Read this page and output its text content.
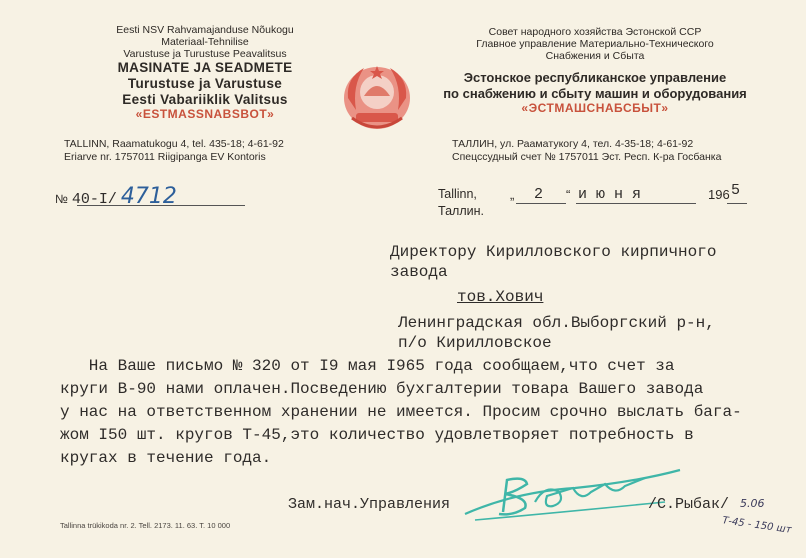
Eesti NSV Rahvamajanduse Nõukogu
Materiaal-Tehnilise
Varustuse ja Turustuse Peavalitsus
MASINATE JA SEADMETE
Turustuse ja Varustuse
Eesti Vabariiklik Valitsus
«ESTMASSNABSBOT»
TALLINN, Raamatukogu 4, tel. 435-18; 4-61-92
Eriarve nr. 1757011 Riigipanga EV Kontoris
Совет народного хозяйства Эстонской ССР
Главное управление Материально-Технического
Снабжения и Сбыта
Эстонское республиканское управление
по снабжению и сбыту машин и оборудования
«ЭСТМАШСНАБСБЫТ»
ТАЛЛИН, ул. Раамaтукогу 4, тел. 4-35-18; 4-61-92
Спецссудный счет № 1757011 Эст. Респ. К-ра Госбанка
№ 40-I/ 4712	Tallinn,
Таллин.
„ 2 “ июня	196 5
Директору Кирилловского кирпичного
завода
тов.Хович
Ленинградская обл.Выборгский р-н,
п/о Кирилловское
На Ваше письмо № 320 от I9 мая I965 года сообщаем,что счет за
круги В-90 нами оплачен.Посведению бухгалтерии товара Вашего завода
у нас на ответственном хранении не имеется. Просим срочно выслать бага-
жом I50 шт. кругов Т-45,это количество удовлетворяет потребность в
кругах в течение года.
Зам.нач.Управления	/С.Рыбак/ 5.06
Т-45 - 150 шт
Tallinna trükikoda nr. 2. Tell. 2173. 11. 63. T. 10 000
